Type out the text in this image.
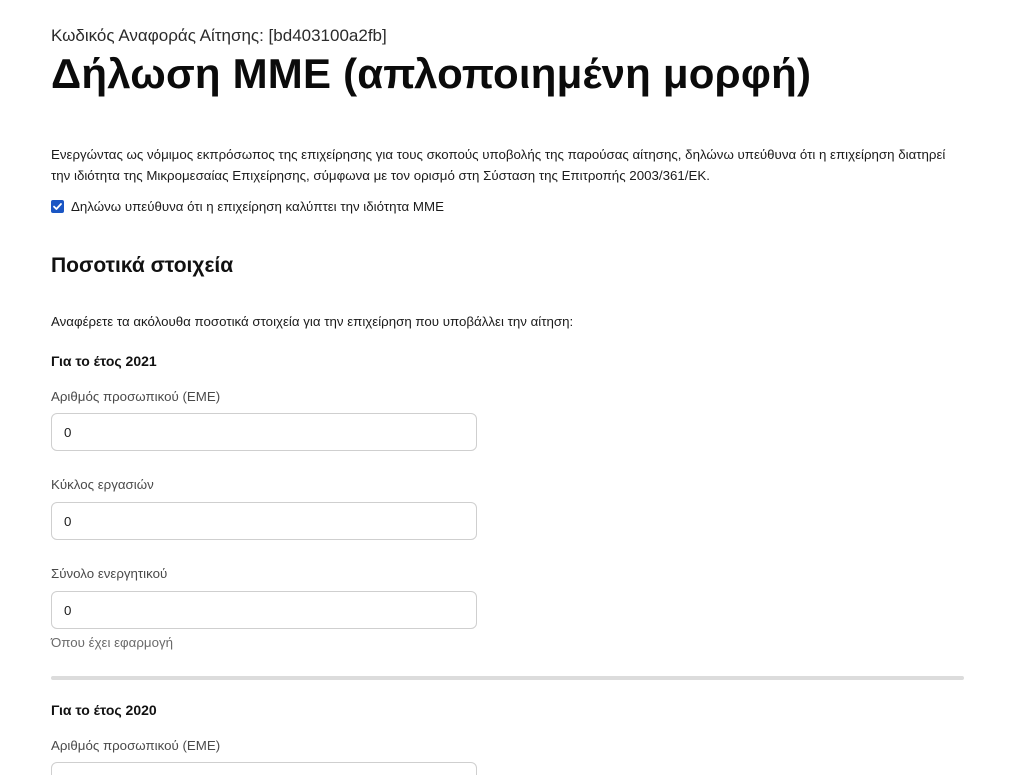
Κωδικός Αναφοράς Αίτησης: [bd403100a2fb]
Δήλωση ΜΜΕ (απλοποιημένη μορφή)
Ενεργώντας ως νόμιμος εκπρόσωπος της επιχείρησης για τους σκοπούς υποβολής της παρούσας αίτησης, δηλώνω υπεύθυνα ότι η επιχείρηση διατηρεί την ιδιότητα της Μικρομεσαίας Επιχείρησης, σύμφωνα με τον ορισμό στη Σύσταση της Επιτροπής 2003/361/ΕΚ.
Δηλώνω υπεύθυνα ότι η επιχείρηση καλύπτει την ιδιότητα ΜΜΕ
Ποσοτικά στοιχεία
Αναφέρετε τα ακόλουθα ποσοτικά στοιχεία για την επιχείρηση που υποβάλλει την αίτηση:
Για το έτος 2021
Αριθμός προσωπικού (ΕΜΕ)
0
Κύκλος εργασιών
0
Σύνολο ενεργητικού
0
Όπου έχει εφαρμογή
Για το έτος 2020
Αριθμός προσωπικού (ΕΜΕ)
